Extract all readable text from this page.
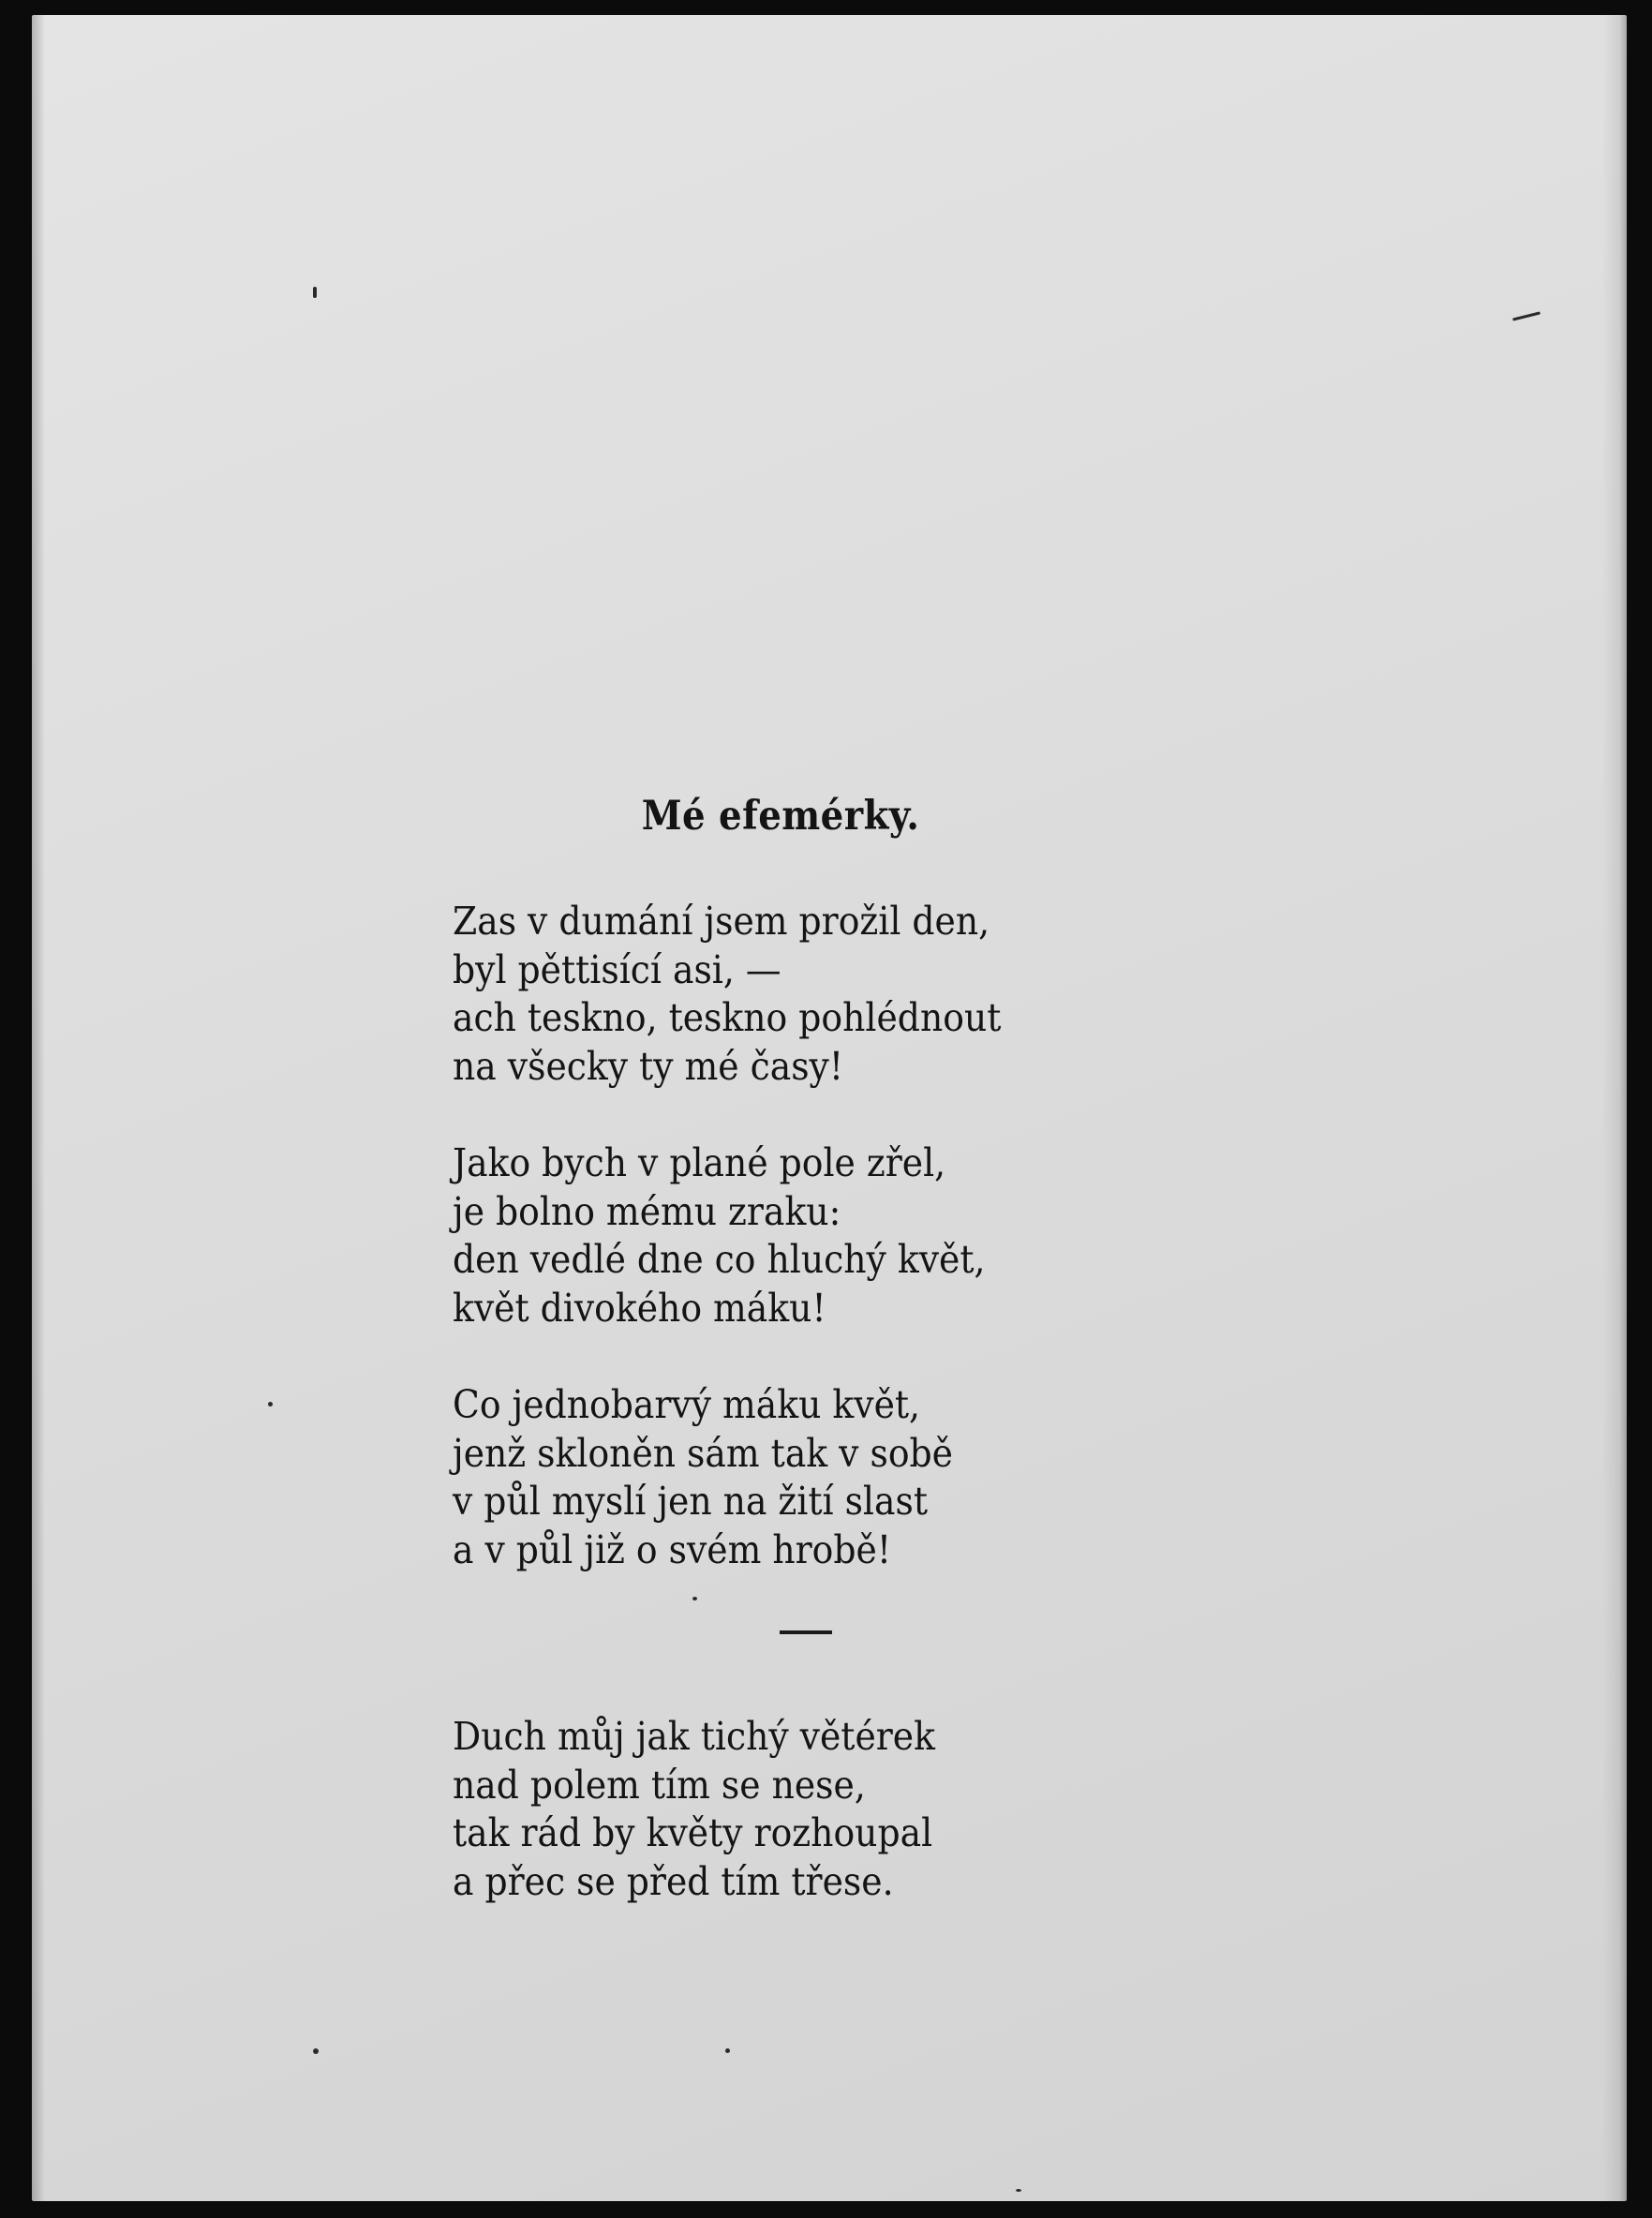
Mé efemérky.
Zas v dumání jsem prožil den,
byl pěttisící asi, —
ach teskno, teskno pohlédnout
na všecky ty mé časy!
Jako bych v plané pole zřel,
je bolno mému zraku:
den vedlé dne co hluchý květ,
květ divokého máku!
Co jednobarvý máku květ,
jenž skloněn sám tak v sobě
v půl myslí jen na žití slast
a v půl již o svém hrobě!
Duch můj jak tichý větérek
nad polem tím se nese,
tak rád by květy rozhoupal
a přec se před tím třese.
